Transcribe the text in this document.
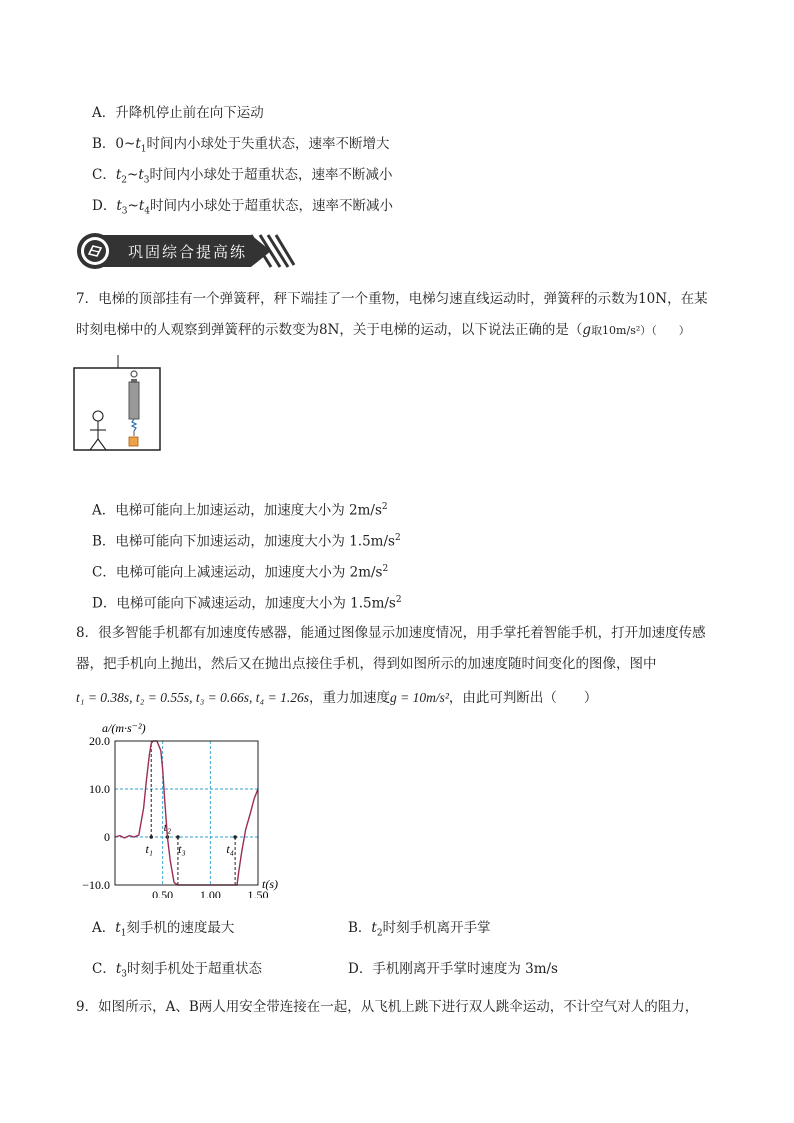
A．升降机停止前在向下运动
B．$0\sim t_1$时间内小球处于失重状态，速率不断增大
C．$t_2\sim t_3$时间内小球处于超重状态，速率不断减小
D．$t_3\sim t_4$时间内小球处于超重状态，速率不断减小
巩固综合提高练
7．电梯的顶部挂有一个弹簧秤，秤下端挂了一个重物，电梯匀速直线运动时，弹簧秤的示数为10N，在某
时刻电梯中的人观察到弹簧秤的示数变为8N，关于电梯的运动，以下说法正确的是（g取10m/s²）（　　）
A．电梯可能向上加速运动，加速度大小为 $2m/s^2$
B．电梯可能向下加速运动，加速度大小为 $1.5m/s^2$
C．电梯可能向上减速运动，加速度大小为 $2m/s^2$
D．电梯可能向下减速运动，加速度大小为 $1.5m/s^2$
8．很多智能手机都有加速度传感器，能通过图像显示加速度情况，用手掌托着智能手机，打开加速度传感
器，把手机向上抛出，然后又在抛出点接住手机，得到如图所示的加速度随时间变化的图像，图中
t₁ = 0.38s, t₂ = 0.55s, t₃ = 0.66s, t₄ = 1.26s，重力加速度g = 10m/s²，由此可判断出（　　）
a/(m·s⁻²)
t(s)
20.0
10.0
0
−10.0
0.50 1.00 1.50
t₁
t₂
t₃	t₄
A．$t_1$刻手机的速度最大	B．$t_2$时刻手机离开手掌
C．$t_3$时刻手机处于超重状态	D．手机刚离开手掌时速度为 3m/s
9．如图所示，A、B两人用安全带连接在一起，从飞机上跳下进行双人跳伞运动，不计空气对人的阻力，
